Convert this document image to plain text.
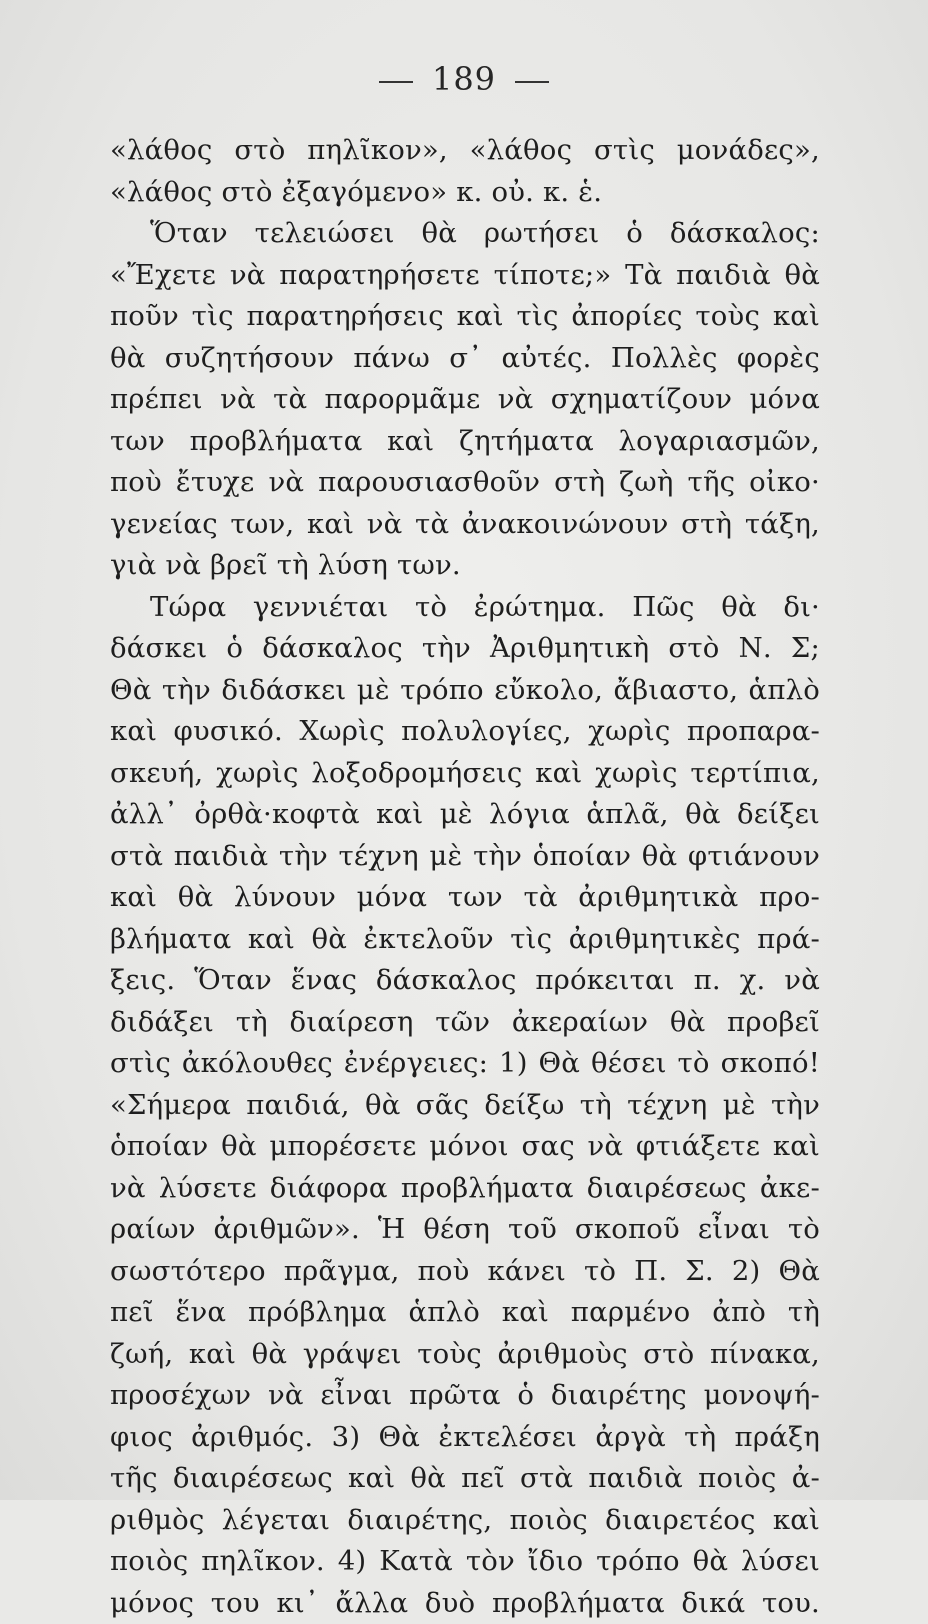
189
«λάθος στὸ πηλῖκον», «λάθος στὶς μονάδες»,
«λάθος στὸ ἐξαγόμενο» κ. οὐ. κ. ἑ.
Ὅταν τελειώσει θὰ ρωτήσει ὁ δάσκαλος:
«Ἔχετε νὰ παρατηρήσετε τίποτε;» Τὰ παιδιὰ θὰ
ποῦν τὶς παρατηρήσεις καὶ τὶς ἀπορίες τοὺς καὶ
θὰ συζητήσουν πάνω σ᾿ αὐτές. Πολλὲς φορὲς
πρέπει νὰ τὰ παρορμᾶμε νὰ σχηματίζουν μόνα
των προβλήματα καὶ ζητήματα λογαριασμῶν,
ποὺ ἔτυχε νὰ παρουσιασθοῦν στὴ ζωὴ τῆς οἰκο·
γενείας των, καὶ νὰ τὰ ἀνακοινώνουν στὴ τάξη,
γιὰ νὰ βρεῖ τὴ λύση των.
Τώρα γεννιέται τὸ ἐρώτημα. Πῶς θὰ δι·
δάσκει ὁ δάσκαλος τὴν Ἀριθμητικὴ στὸ Ν. Σ;
Θὰ τὴν διδάσκει μὲ τρόπο εὔκολο, ἄβιαστο, ἁπλὸ
καὶ φυσικό. Χωρὶς πολυλογίες, χωρὶς προπαρα-
σκευή, χωρὶς λοξοδρομήσεις καὶ χωρὶς τερτίπια,
ἀλλ᾿ ὀρθὰ·κοφτὰ καὶ μὲ λόγια ἁπλᾶ, θὰ δείξει
στὰ παιδιὰ τὴν τέχνη μὲ τὴν ὁποίαν θὰ φτιάνουν
καὶ θὰ λύνουν μόνα των τὰ ἀριθμητικὰ προ-
βλήματα καὶ θὰ ἐκτελοῦν τὶς ἀριθμητικὲς πρά-
ξεις. Ὅταν ἕνας δάσκαλος πρόκειται π. χ. νὰ
διδάξει τὴ διαίρεση τῶν ἀκεραίων θὰ προβεῖ
στὶς ἀκόλουθες ἐνέργειες: 1) Θὰ θέσει τὸ σκοπό!
«Σήμερα παιδιά, θὰ σᾶς δείξω τὴ τέχνη μὲ τὴν
ὁποίαν θὰ μπορέσετε μόνοι σας νὰ φτιάξετε καὶ
νὰ λύσετε διάφορα προβλήματα διαιρέσεως ἀκε-
ραίων ἀριθμῶν». Ἡ θέση τοῦ σκοποῦ εἶναι τὸ
σωστότερο πρᾶγμα, ποὺ κάνει τὸ Π. Σ. 2) Θὰ
πεῖ ἕνα πρόβλημα ἁπλὸ καὶ παρμένο ἀπὸ τὴ
ζωή, καὶ θὰ γράψει τοὺς ἀριθμοὺς στὸ πίνακα,
προσέχων νὰ εἶναι πρῶτα ὁ διαιρέτης μονοψή-
φιος ἀριθμός. 3) Θὰ ἐκτελέσει ἀργὰ τὴ πράξη
τῆς διαιρέσεως καὶ θὰ πεῖ στὰ παιδιὰ ποιὸς ἀ-
ριθμὸς λέγεται διαιρέτης, ποιὸς διαιρετέος καὶ
ποιὸς πηλῖκον. 4) Κατὰ τὸν ἴδιο τρόπο θὰ λύσει
μόνος του κι᾿ ἄλλα δυὸ προβλήματα δικά του.
